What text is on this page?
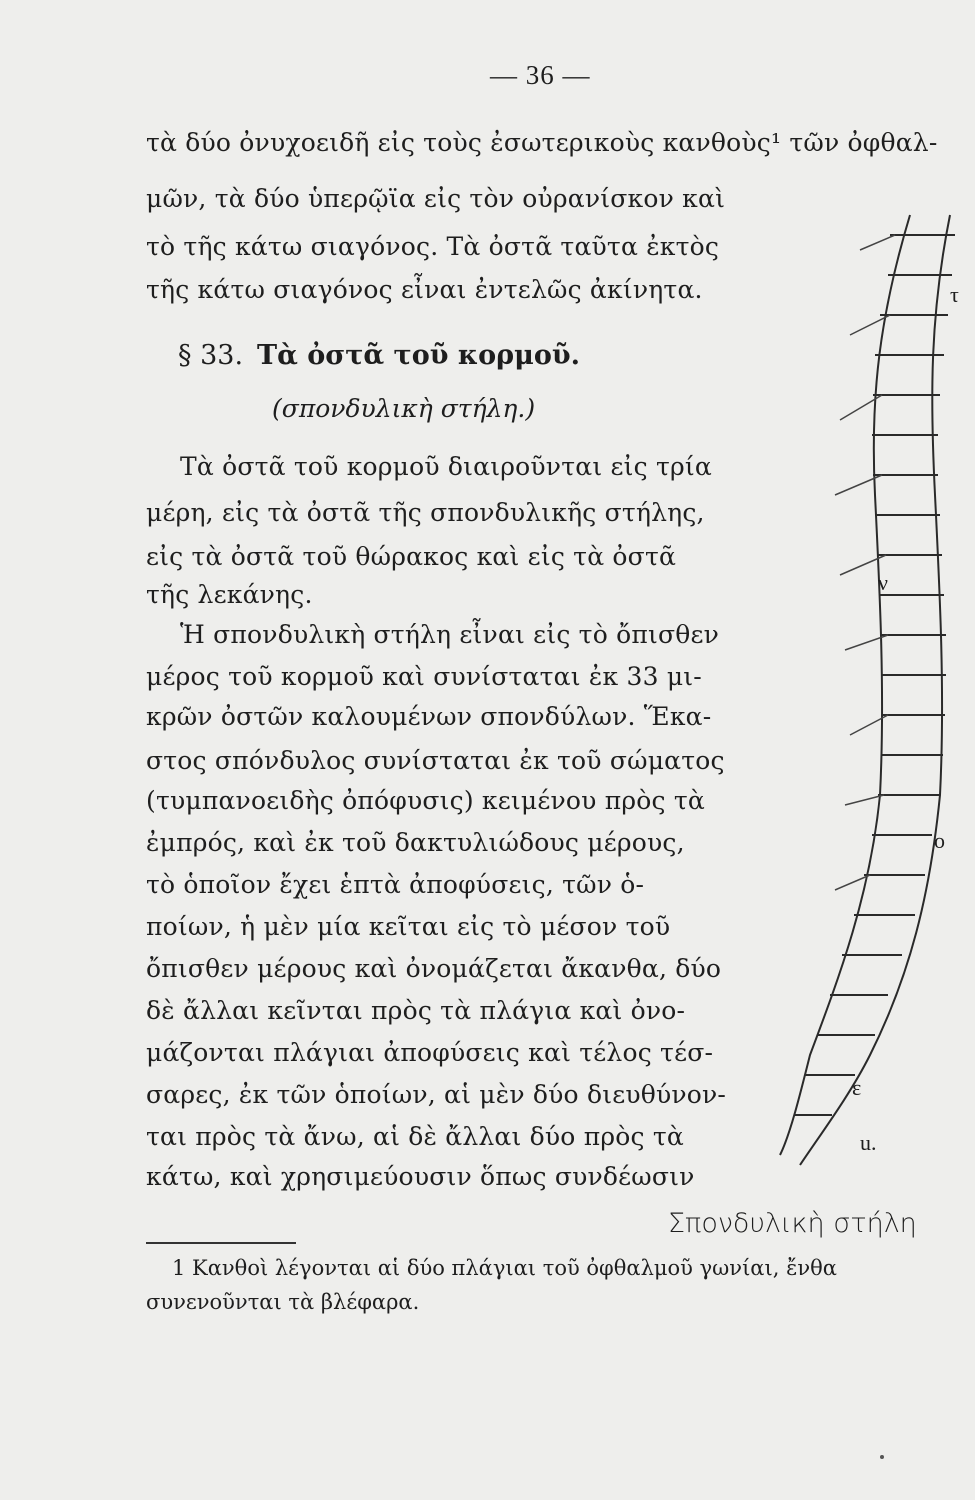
— 36 —
τὰ δύο ὀνυχοειδῆ εἰς τοὺς ἐσωτερικοὺς κανθοὺς¹ τῶν ὀφθαλ-
μῶν, τὰ δύο ὑπερῷϊα εἰς τὸν οὐρανίσκον καὶ
τὸ τῆς κάτω σιαγόνος. Τὰ ὀστᾶ ταῦτα ἐκτὸς
τῆς κάτω σιαγόνος εἶναι ἐντελῶς ἀκίνητα.
§ 33. Τὰ ὀστᾶ τοῦ κορμοῦ.
(σπονδυλικὴ στήλη.)
Τὰ ὀστᾶ τοῦ κορμοῦ διαιροῦνται εἰς τρία
μέρη, εἰς τὰ ὀστᾶ τῆς σπονδυλικῆς στήλης,
εἰς τὰ ὀστᾶ τοῦ θώρακος καὶ εἰς τὰ ὀστᾶ
τῆς λεκάνης.
Ἡ σπονδυλικὴ στήλη εἶναι εἰς τὸ ὄπισθεν
μέρος τοῦ κορμοῦ καὶ συνίσταται ἐκ 33 μι-
κρῶν ὀστῶν καλουμένων σπονδύλων. Ἕκα-
στος σπόνδυλος συνίσταται ἐκ τοῦ σώματος
(τυμπανοειδὴς ὀπόφυσις) κειμένου πρὸς τὰ
ἐμπρός, καὶ ἐκ τοῦ δακτυλιώδους μέρους,
τὸ ὁποῖον ἔχει ἑπτὰ ἀποφύσεις, τῶν ὁ-
ποίων, ἡ μὲν μία κεῖται εἰς τὸ μέσον τοῦ
ὄπισθεν μέρους καὶ ὀνομάζεται ἄκανθα, δύο
δὲ ἄλλαι κεῖνται πρὸς τὰ πλάγια καὶ ὀνο-
μάζονται πλάγιαι ἀποφύσεις καὶ τέλος τέσ-
σαρες, ἐκ τῶν ὁποίων, αἱ μὲν δύο διευθύνον-
ται πρὸς τὰ ἄνω, αἱ δὲ ἄλλαι δύο πρὸς τὰ
κάτω, καὶ χρησιμεύουσιν ὅπως συνδέωσιν
τ
ν
ο
ε
u.
Σπονδυλικὴ στήλη
1 Κανθοὶ λέγονται αἱ δύο πλάγιαι τοῦ ὀφθαλμοῦ γωνίαι, ἔνθα
συνενοῦνται τὰ βλέφαρα.
